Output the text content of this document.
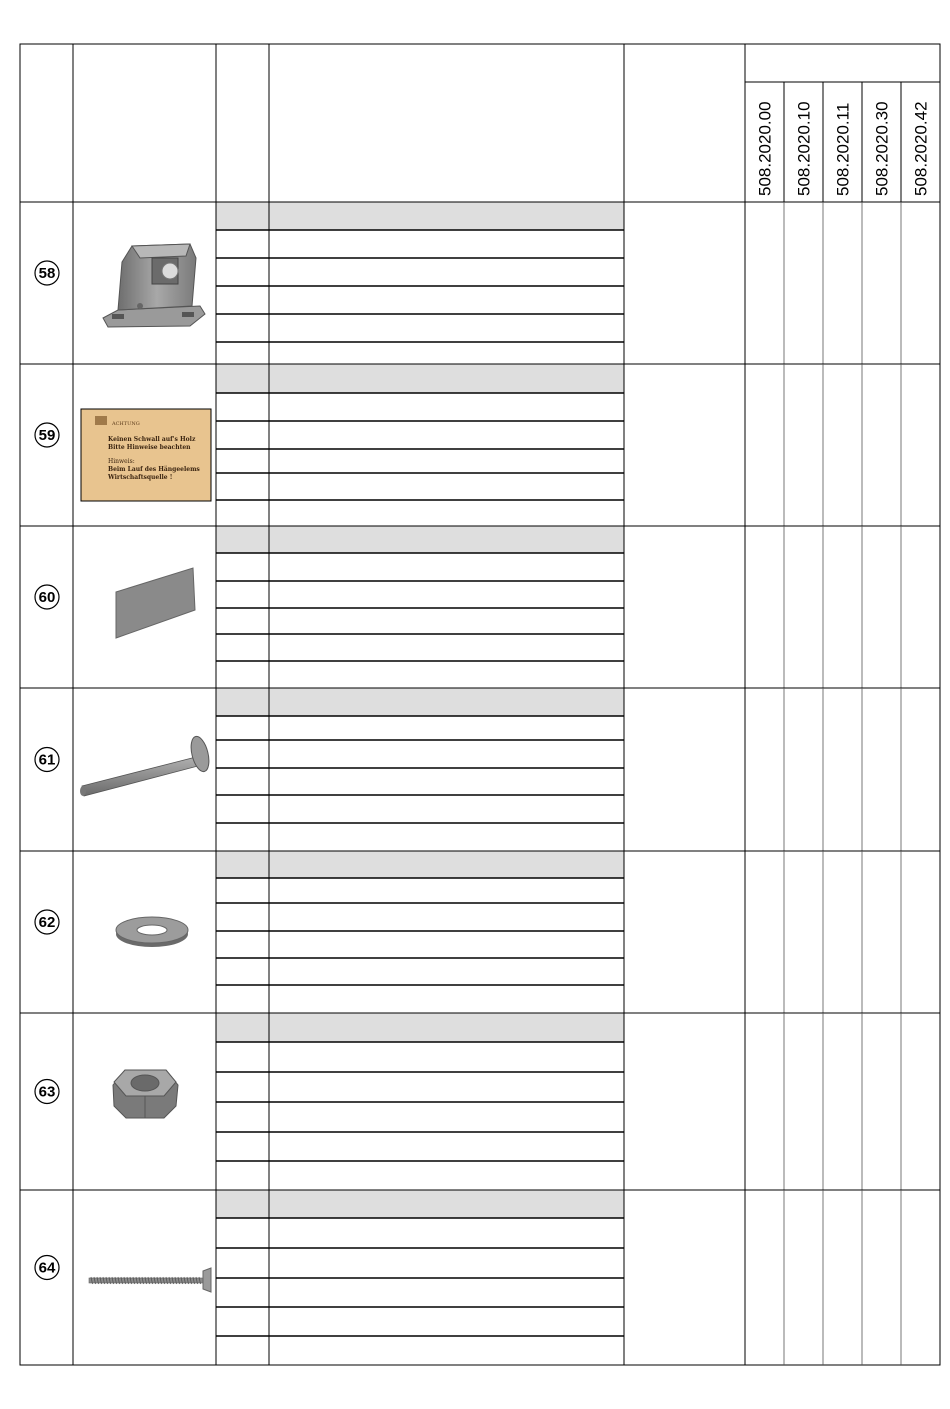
508.2020.00 508.2020.10 508.2020.11 508.2020.30 508.2020.42
58
59
60
61
62
63
64
ACHTUNG
Keinen Schwall auf's Holz
Bitte Hinweise beachten
Hinweis:
Beim Lauf des Hängeelems
Wirtschaftsquelle !
